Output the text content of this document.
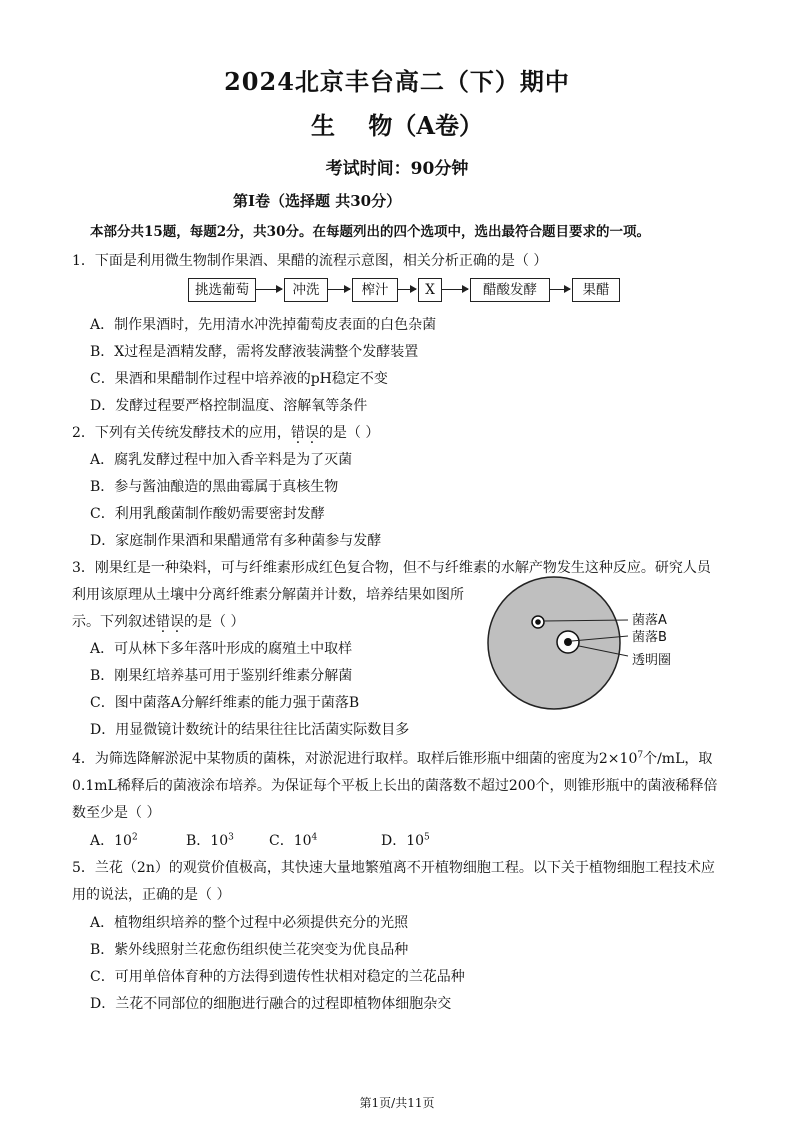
2024北京丰台高二（下）期中
生    物（A卷）
考试时间：90分钟
第I卷（选择题 共30分）
本部分共15题，每题2分，共30分。在每题列出的四个选项中，选出最符合题目要求的一项。
1．下面是利用微生物制作果酒、果醋的流程示意图，相关分析正确的是（ ）
挑选葡萄	冲洗	榨汁	X	醋酸发酵	果醋
A．制作果酒时，先用清水冲洗掉葡萄皮表面的白色杂菌
B．X过程是酒精发酵，需将发酵液装满整个发酵装置
C．果酒和果醋制作过程中培养液的pH稳定不变
D．发酵过程要严格控制温度、溶解氧等条件
2．下列有关传统发酵技术的应用，错误的是（ ）
A．腐乳发酵过程中加入香辛料是为了灭菌
B．参与酱油酿造的黑曲霉属于真核生物
C．利用乳酸菌制作酸奶需要密封发酵
D．家庭制作果酒和果醋通常有多种菌参与发酵
3．刚果红是一种染料，可与纤维素形成红色复合物，但不与纤维素的水解产物发生这种反应。研究人员
利用该原理从土壤中分离纤维素分解菌并计数，培养结果如图所
示。下列叙述错误的是（ ）	菌落A
菌落B
透明圈
A．可从林下多年落叶形成的腐殖土中取样
B．刚果红培养基可用于鉴别纤维素分解菌
C．图中菌落A分解纤维素的能力强于菌落B
D．用显微镜计数统计的结果往往比活菌实际数目多
4．为筛选降解淤泥中某物质的菌株，对淤泥进行取样。取样后锥形瓶中细菌的密度为$2\times 10^7$个/mL，取
0.1mL稀释后的菌液涂布培养。为保证每个平板上长出的菌落数不超过200个，则锥形瓶中的菌液稀释倍
数至少是（ ）
A．$10^2$	B．$10^3$	C．$10^4$	D．$10^5$
5．兰花（2n）的观赏价值极高，其快速大量地繁殖离不开植物细胞工程。以下关于植物细胞工程技术应
用的说法，正确的是（ ）
A．植物组织培养的整个过程中必须提供充分的光照
B．紫外线照射兰花愈伤组织使兰花突变为优良品种
C．可用单倍体育种的方法得到遗传性状相对稳定的兰花品种
D．兰花不同部位的细胞进行融合的过程即植物体细胞杂交
第1页/共11页
